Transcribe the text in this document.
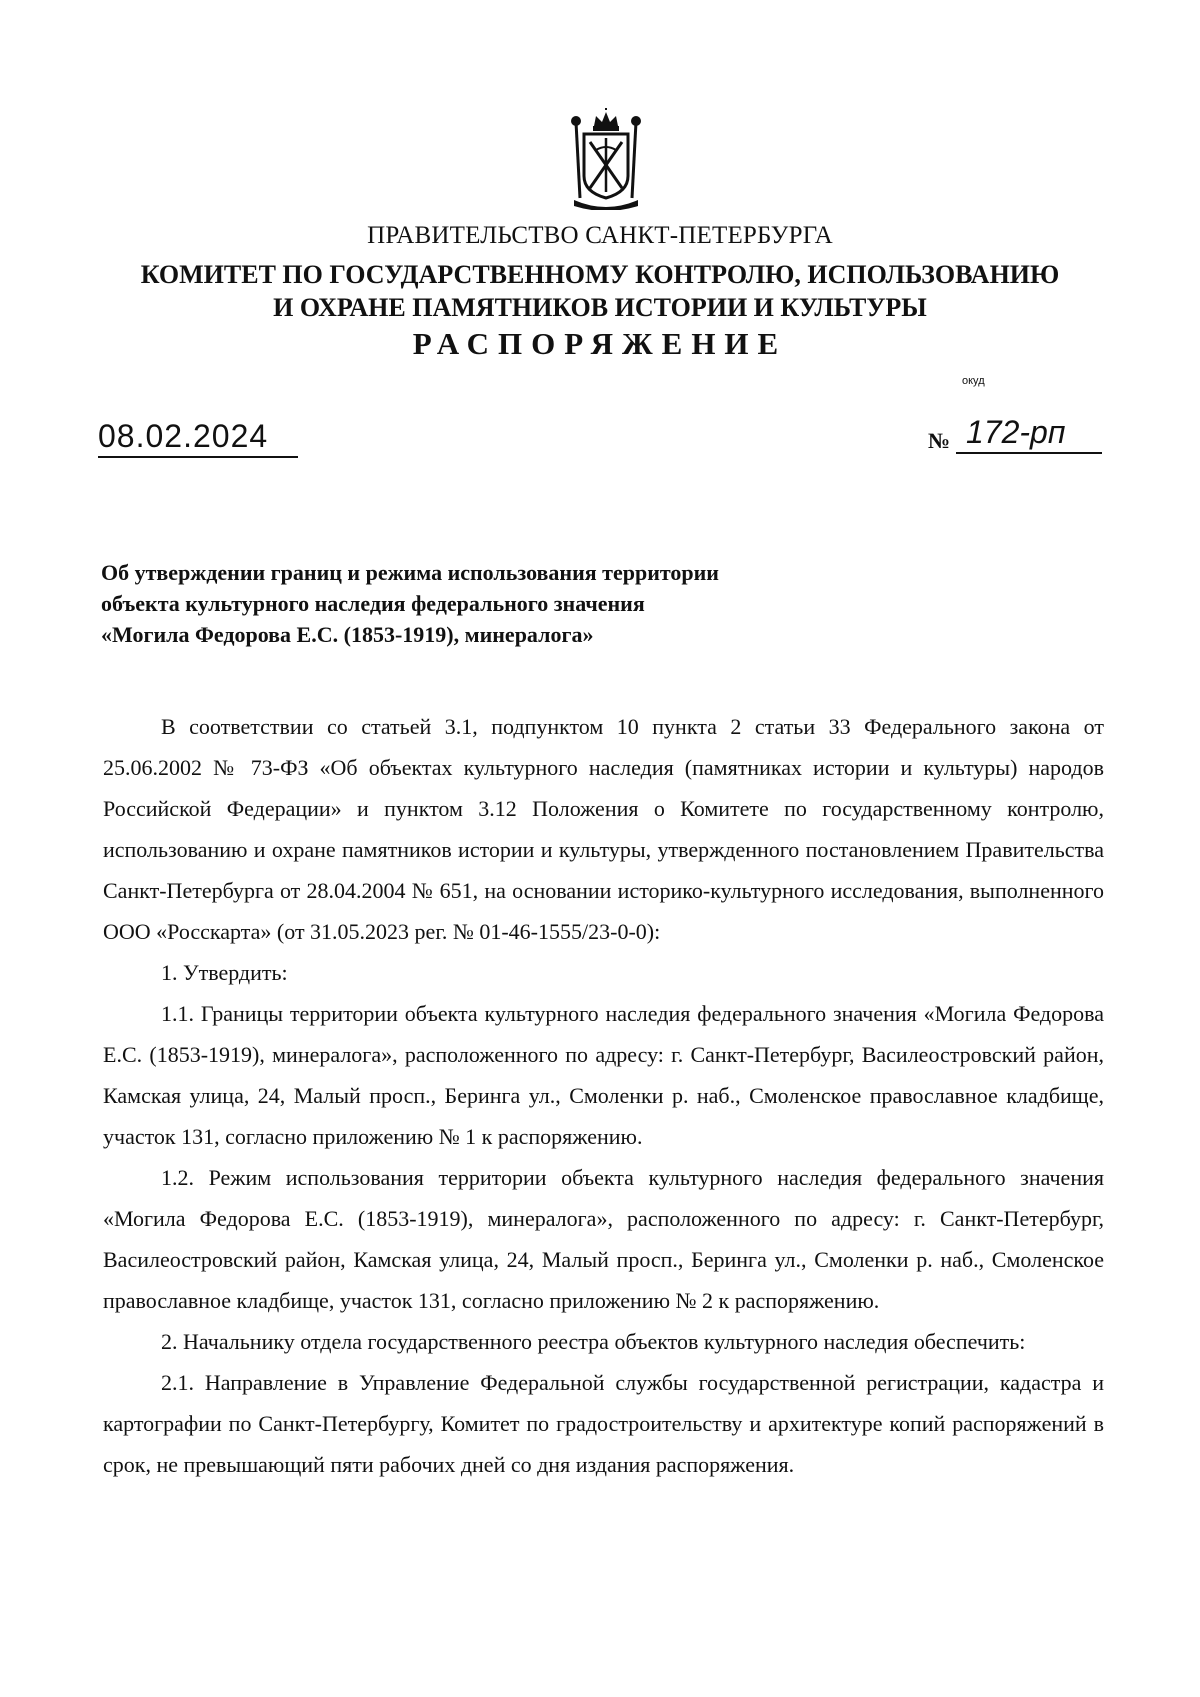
ПРАВИТЕЛЬСТВО САНКТ-ПЕТЕРБУРГА
КОМИТЕТ ПО ГОСУДАРСТВЕННОМУ КОНТРОЛЮ, ИСПОЛЬЗОВАНИЮ
И ОХРАНЕ ПАМЯТНИКОВ ИСТОРИИ И КУЛЬТУРЫ
РАСПОРЯЖЕНИЕ
окуд
08.02.2024	№ 172-рп
Об утверждении границ и режима использования территории
объекта культурного наследия федерального значения
«Могила Федорова Е.С. (1853-1919), минералога»

В соответствии со статьей 3.1, подпунктом 10 пункта 2 статьи 33 Федерального закона от 25.06.2002 № 73-ФЗ «Об объектах культурного наследия (памятниках истории и культуры) народов Российской Федерации» и пунктом 3.12 Положения о Комитете по государственному контролю, использованию и охране памятников истории и культуры, утвержденного постановлением Правительства Санкт-Петербурга от 28.04.2004 № 651, на основании историко-культурного исследования, выполненного ООО «Росскарта» (от 31.05.2023 рег. № 01-46-1555/23-0-0):

1. Утвердить:

1.1. Границы территории объекта культурного наследия федерального значения «Могила Федорова Е.С. (1853-1919), минералога», расположенного по адресу: г. Санкт-Петербург, Василеостровский район, Камская улица, 24, Малый просп., Беринга ул., Смоленки р. наб., Смоленское православное кладбище, участок 131, согласно приложению № 1 к распоряжению.

1.2. Режим использования территории объекта культурного наследия федерального значения «Могила Федорова Е.С. (1853-1919), минералога», расположенного по адресу: г. Санкт-Петербург, Василеостровский район, Камская улица, 24, Малый просп., Беринга ул., Смоленки р. наб., Смоленское православное кладбище, участок 131, согласно приложению № 2 к распоряжению.

2. Начальнику отдела государственного реестра объектов культурного наследия обеспечить:

2.1. Направление в Управление Федеральной службы государственной регистрации, кадастра и картографии по Санкт-Петербургу, Комитет по градостроительству и архитектуре копий распоряжений в срок, не превышающий пяти рабочих дней со дня издания распоряжения.
